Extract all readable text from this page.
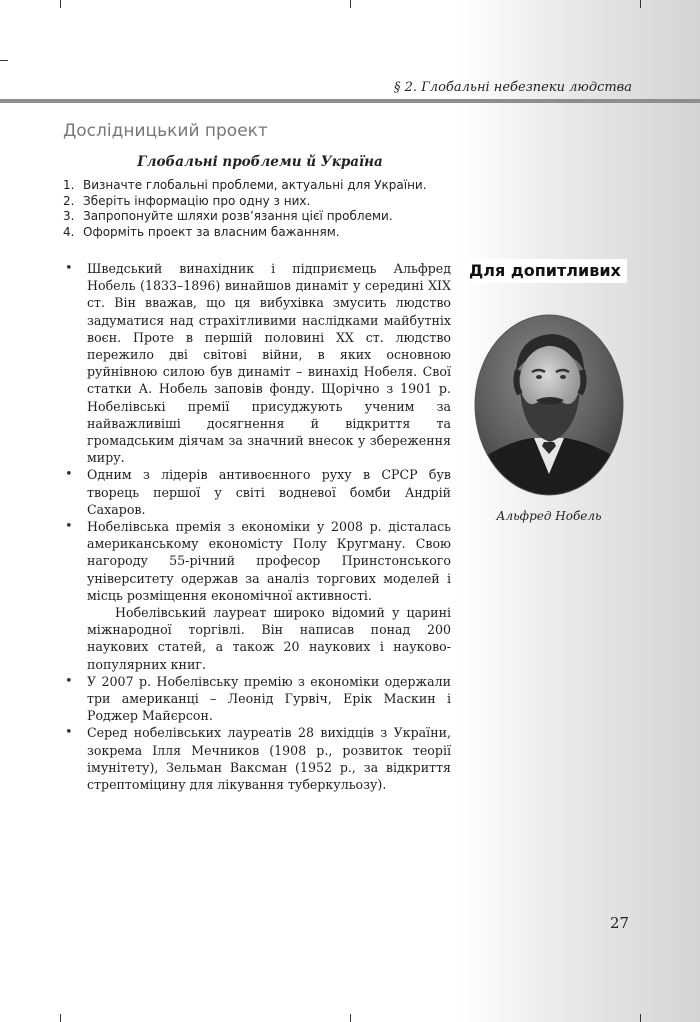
§ 2. Глобальні небезпеки людства
Дослідницький проект
Глобальні проблеми й Україна
1. Визначте глобальні проблеми, актуальні для України.
2. Зберіть інформацію про одну з них.
3. Запропонуйте шляхи розв’язання цієї проблеми.
4. Оформіть проект за власним бажанням.
• Шведський винахідник і підприємець Альфред Нобель (1833–1896) винайшов динаміт у середині XIX ст. Він вважав, що ця вибухівка змусить людство задуматися над страхітливими наслідками майбутніх воєн. Проте в першій половині XX ст. людство пережило дві світові війни, в яких основною руйнівною силою був динаміт – винахід Нобеля. Свої статки А. Нобель заповів фонду. Щорічно з 1901 р. Нобелівські премії присуджують ученим за найважливіші досягнення й відкриття та громадським діячам за значний внесок у збереження миру.
• Одним з лідерів антивоєнного руху в СРСР був творець першої у світі водневої бомби Андрій Сахаров.
• Нобелівська премія з економіки у 2008 р. дісталась американському економісту Полу Кругману. Свою нагороду 55-річний професор Принстонського університету одержав за аналіз торгових моделей і місць розміщення економічної активності.
Нобелівський лауреат широко відомий у царині міжнародної торгівлі. Він написав понад 200 наукових статей, а також 20 наукових і науково-популярних книг.
• У 2007 р. Нобелівську премію з економіки одержали три американці – Леонід Гурвіч, Ерік Маскин і Роджер Майєрсон.
• Серед нобелівських лауреатів 28 вихідців з України, зокрема Ілля Мечников (1908 р., розвиток теорії імунітету), Зельман Ваксман (1952 р., за відкриття стрептоміцину для лікування туберкульозу).
Для допитливих
Альфред Нобель
27
